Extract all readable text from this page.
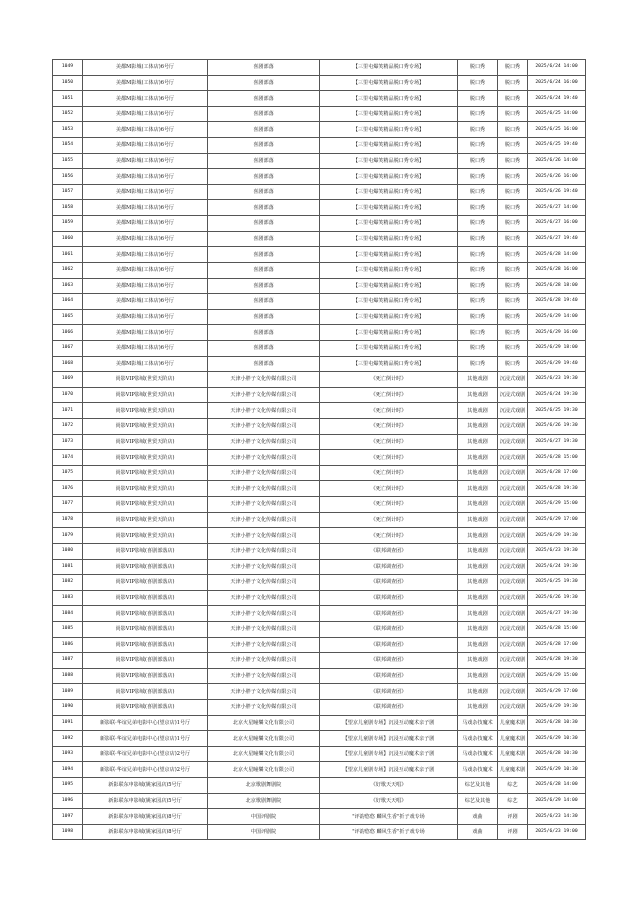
1049	美都M影城(工体店)6号厅	喜剧部落	【三里屯爆笑精品脱口秀专场】	脱口秀	脱口秀	2025/6/24 14:00
1050	美都M影城(工体店)6号厅	喜剧部落	【三里屯爆笑精品脱口秀专场】	脱口秀	脱口秀	2025/6/24 16:00
1051	美都M影城(工体店)6号厅	喜剧部落	【三里屯爆笑精品脱口秀专场】	脱口秀	脱口秀	2025/6/24 19:40
1052	美都M影城(工体店)6号厅	喜剧部落	【三里屯爆笑精品脱口秀专场】	脱口秀	脱口秀	2025/6/25 14:00
1053	美都M影城(工体店)6号厅	喜剧部落	【三里屯爆笑精品脱口秀专场】	脱口秀	脱口秀	2025/6/25 16:00
1054	美都M影城(工体店)6号厅	喜剧部落	【三里屯爆笑精品脱口秀专场】	脱口秀	脱口秀	2025/6/25 19:40
1055	美都M影城(工体店)6号厅	喜剧部落	【三里屯爆笑精品脱口秀专场】	脱口秀	脱口秀	2025/6/26 14:00
1056	美都M影城(工体店)6号厅	喜剧部落	【三里屯爆笑精品脱口秀专场】	脱口秀	脱口秀	2025/6/26 16:00
1057	美都M影城(工体店)6号厅	喜剧部落	【三里屯爆笑精品脱口秀专场】	脱口秀	脱口秀	2025/6/26 19:40
1058	美都M影城(工体店)6号厅	喜剧部落	【三里屯爆笑精品脱口秀专场】	脱口秀	脱口秀	2025/6/27 14:00
1059	美都M影城(工体店)6号厅	喜剧部落	【三里屯爆笑精品脱口秀专场】	脱口秀	脱口秀	2025/6/27 16:00
1060	美都M影城(工体店)6号厅	喜剧部落	【三里屯爆笑精品脱口秀专场】	脱口秀	脱口秀	2025/6/27 19:40
1061	美都M影城(工体店)6号厅	喜剧部落	【三里屯爆笑精品脱口秀专场】	脱口秀	脱口秀	2025/6/28 14:00
1062	美都M影城(工体店)6号厅	喜剧部落	【三里屯爆笑精品脱口秀专场】	脱口秀	脱口秀	2025/6/28 16:00
1063	美都M影城(工体店)6号厅	喜剧部落	【三里屯爆笑精品脱口秀专场】	脱口秀	脱口秀	2025/6/28 18:00
1064	美都M影城(工体店)6号厅	喜剧部落	【三里屯爆笑精品脱口秀专场】	脱口秀	脱口秀	2025/6/28 19:40
1065	美都M影城(工体店)6号厅	喜剧部落	【三里屯爆笑精品脱口秀专场】	脱口秀	脱口秀	2025/6/29 14:00
1066	美都M影城(工体店)6号厅	喜剧部落	【三里屯爆笑精品脱口秀专场】	脱口秀	脱口秀	2025/6/29 16:00
1067	美都M影城(工体店)6号厅	喜剧部落	【三里屯爆笑精品脱口秀专场】	脱口秀	脱口秀	2025/6/29 18:00
1068	美都M影城(工体店)6号厅	喜剧部落	【三里屯爆笑精品脱口秀专场】	脱口秀	脱口秀	2025/6/29 19:40
1069	尚影VIP影城(世贸天阶店)	天津小胖子文化传媒有限公司	《死亡倒计时》	其他戏剧	沉浸式戏剧	2025/6/23 19:30
1070	尚影VIP影城(世贸天阶店)	天津小胖子文化传媒有限公司	《死亡倒计时》	其他戏剧	沉浸式戏剧	2025/6/24 19:30
1071	尚影VIP影城(世贸天阶店)	天津小胖子文化传媒有限公司	《死亡倒计时》	其他戏剧	沉浸式戏剧	2025/6/25 19:30
1072	尚影VIP影城(世贸天阶店)	天津小胖子文化传媒有限公司	《死亡倒计时》	其他戏剧	沉浸式戏剧	2025/6/26 19:30
1073	尚影VIP影城(世贸天阶店)	天津小胖子文化传媒有限公司	《死亡倒计时》	其他戏剧	沉浸式戏剧	2025/6/27 19:30
1074	尚影VIP影城(世贸天阶店)	天津小胖子文化传媒有限公司	《死亡倒计时》	其他戏剧	沉浸式戏剧	2025/6/28 15:00
1075	尚影VIP影城(世贸天阶店)	天津小胖子文化传媒有限公司	《死亡倒计时》	其他戏剧	沉浸式戏剧	2025/6/28 17:00
1076	尚影VIP影城(世贸天阶店)	天津小胖子文化传媒有限公司	《死亡倒计时》	其他戏剧	沉浸式戏剧	2025/6/28 19:30
1077	尚影VIP影城(世贸天阶店)	天津小胖子文化传媒有限公司	《死亡倒计时》	其他戏剧	沉浸式戏剧	2025/6/29 15:00
1078	尚影VIP影城(世贸天阶店)	天津小胖子文化传媒有限公司	《死亡倒计时》	其他戏剧	沉浸式戏剧	2025/6/29 17:00
1079	尚影VIP影城(世贸天阶店)	天津小胖子文化传媒有限公司	《死亡倒计时》	其他戏剧	沉浸式戏剧	2025/6/29 19:30
1080	尚影VIP影城(喜剧部落店)	天津小胖子文化传媒有限公司	《联邦调查团》	其他戏剧	沉浸式戏剧	2025/6/23 19:30
1081	尚影VIP影城(喜剧部落店)	天津小胖子文化传媒有限公司	《联邦调查团》	其他戏剧	沉浸式戏剧	2025/6/24 19:30
1082	尚影VIP影城(喜剧部落店)	天津小胖子文化传媒有限公司	《联邦调查团》	其他戏剧	沉浸式戏剧	2025/6/25 19:30
1083	尚影VIP影城(喜剧部落店)	天津小胖子文化传媒有限公司	《联邦调查团》	其他戏剧	沉浸式戏剧	2025/6/26 19:30
1084	尚影VIP影城(喜剧部落店)	天津小胖子文化传媒有限公司	《联邦调查团》	其他戏剧	沉浸式戏剧	2025/6/27 19:30
1085	尚影VIP影城(喜剧部落店)	天津小胖子文化传媒有限公司	《联邦调查团》	其他戏剧	沉浸式戏剧	2025/6/28 15:00
1086	尚影VIP影城(喜剧部落店)	天津小胖子文化传媒有限公司	《联邦调查团》	其他戏剧	沉浸式戏剧	2025/6/28 17:00
1087	尚影VIP影城(喜剧部落店)	天津小胖子文化传媒有限公司	《联邦调查团》	其他戏剧	沉浸式戏剧	2025/6/28 19:30
1088	尚影VIP影城(喜剧部落店)	天津小胖子文化传媒有限公司	《联邦调查团》	其他戏剧	沉浸式戏剧	2025/6/29 15:00
1089	尚影VIP影城(喜剧部落店)	天津小胖子文化传媒有限公司	《联邦调查团》	其他戏剧	沉浸式戏剧	2025/6/29 17:00
1090	尚影VIP影城(喜剧部落店)	天津小胖子文化传媒有限公司	《联邦调查团》	其他戏剧	沉浸式戏剧	2025/6/29 19:30
1091	新影联·华谊兄弟电影中心(望京店)1号厅	北京火星瞳樂文化有限公司	【望京儿童剧专场】沉浸互动魔术亲子剧	马戏杂技魔术	儿童魔术剧	2025/6/28 10:30
1092	新影联·华谊兄弟电影中心(望京店)1号厅	北京火星瞳樂文化有限公司	【望京儿童剧专场】沉浸互动魔术亲子剧	马戏杂技魔术	儿童魔术剧	2025/6/29 10:30
1093	新影联·华谊兄弟电影中心(望京店)2号厅	北京火星瞳樂文化有限公司	【望京儿童剧专场】沉浸互动魔术亲子剧	马戏杂技魔术	儿童魔术剧	2025/6/28 10:30
1094	新影联·华谊兄弟电影中心(望京店)2号厅	北京火星瞳樂文化有限公司	【望京儿童剧专场】沉浸互动魔术亲子剧	马戏杂技魔术	儿童魔术剧	2025/6/29 10:30
1095	新影联东申影城(姚家园店)5号厅	北京歌剧舞剧院	《好歌天天唱》	综艺及其他	综艺	2025/6/28 14:00
1096	新影联东申影城(姚家园店)5号厅	北京歌剧舞剧院	《好歌天天唱》	综艺及其他	综艺	2025/6/29 14:00
1097	新影联东申影城(姚家园店)8号厅	中国评剧院	"评韵悠悠 麟风生香"折子戏专场	戏曲	评剧	2025/6/23 14:30
1098	新影联东申影城(姚家园店)8号厅	中国评剧院	"评韵悠悠 麟风生香"折子戏专场	戏曲	评剧	2025/6/23 19:00
